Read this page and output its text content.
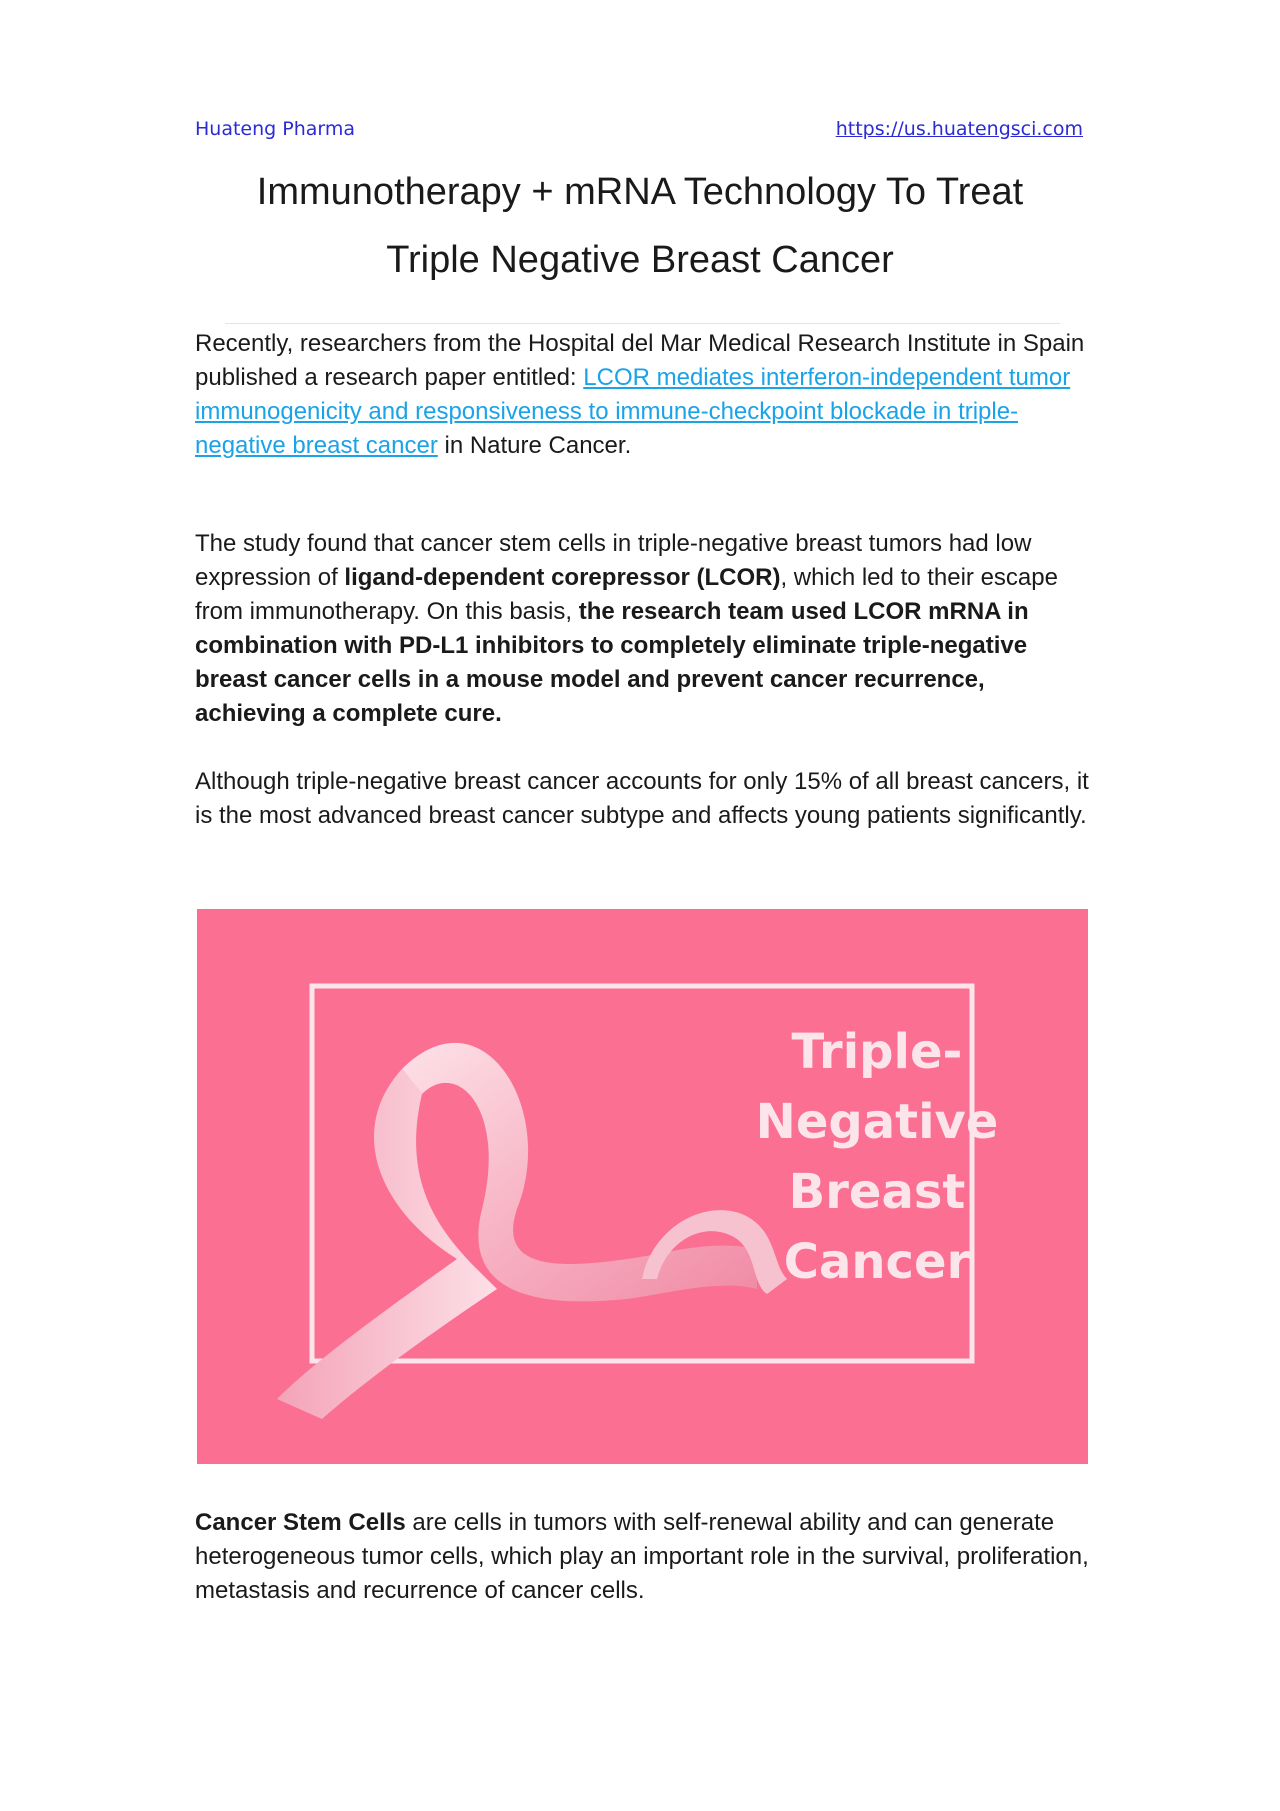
Huateng Pharma	https://us.huatengsci.com
Immunotherapy + mRNA Technology To Treat
Triple Negative Breast Cancer

Recently, researchers from the Hospital del Mar Medical Research Institute in Spain published a research paper entitled: LCOR mediates interferon-independent tumor immunogenicity and responsiveness to immune-checkpoint blockade in triple-negative breast cancer in Nature Cancer.

The study found that cancer stem cells in triple-negative breast tumors had low expression of ligand-dependent corepressor (LCOR), which led to their escape from immunotherapy. On this basis, the research team used LCOR mRNA in combination with PD-L1 inhibitors to completely eliminate triple-negative breast cancer cells in a mouse model and prevent cancer recurrence, achieving a complete cure.

Although triple-negative breast cancer accounts for only 15% of all breast cancers, it is the most advanced breast cancer subtype and affects young patients significantly.

Triple-Negative
Breast
Cancer

Cancer Stem Cells are cells in tumors with self-renewal ability and can generate heterogeneous tumor cells, which play an important role in the survival, proliferation, metastasis and recurrence of cancer cells.
